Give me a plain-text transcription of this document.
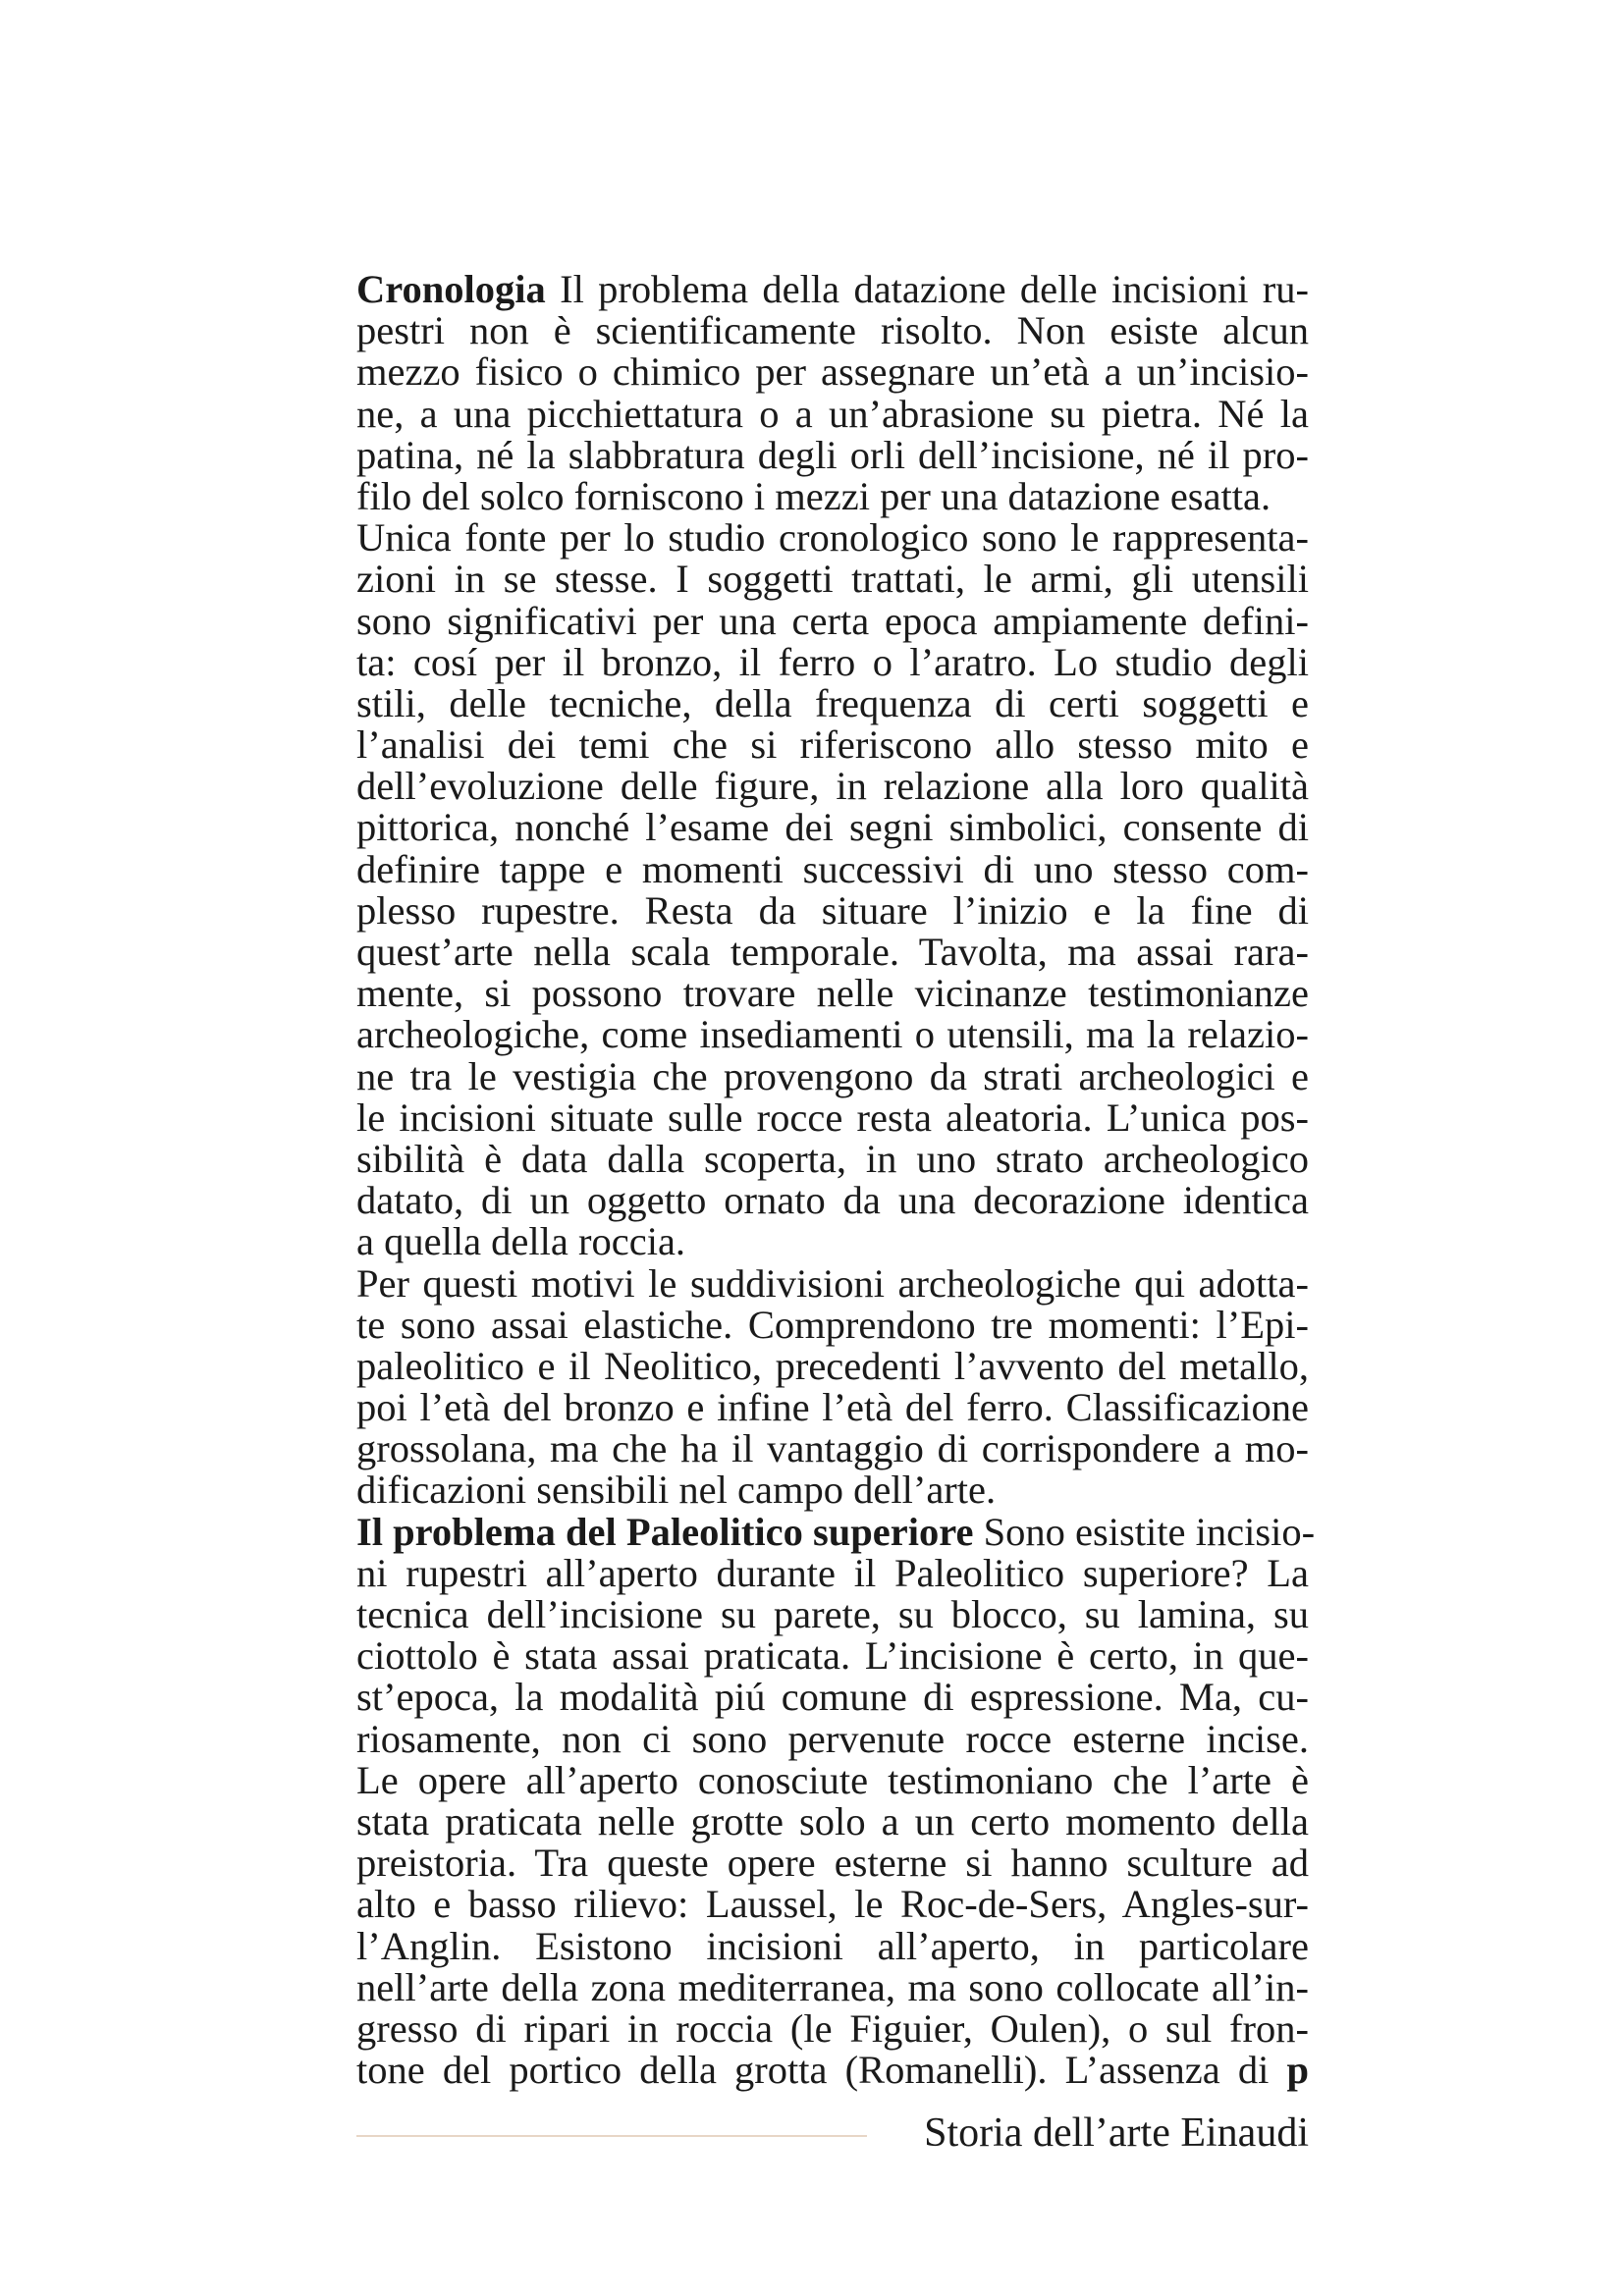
Cronologia Il problema della datazione delle incisioni ru-
pestri non è scientificamente risolto. Non esiste alcun
mezzo fisico o chimico per assegnare un’età a un’incisio-
ne, a una picchiettatura o a un’abrasione su pietra. Né la
patina, né la slabbratura degli orli dell’incisione, né il pro-
filo del solco forniscono i mezzi per una datazione esatta.
Unica fonte per lo studio cronologico sono le rappresenta-
zioni in se stesse. I soggetti trattati, le armi, gli utensili
sono significativi per una certa epoca ampiamente defini-
ta: cosí per il bronzo, il ferro o l’aratro. Lo studio degli
stili, delle tecniche, della frequenza di certi soggetti e
l’analisi dei temi che si riferiscono allo stesso mito e
dell’evoluzione delle figure, in relazione alla loro qualità
pittorica, nonché l’esame dei segni simbolici, consente di
definire tappe e momenti successivi di uno stesso com-
plesso rupestre. Resta da situare l’inizio e la fine di
quest’arte nella scala temporale. Tavolta, ma assai rara-
mente, si possono trovare nelle vicinanze testimonianze
archeologiche, come insediamenti o utensili, ma la relazio-
ne tra le vestigia che provengono da strati archeologici e
le incisioni situate sulle rocce resta aleatoria. L’unica pos-
sibilità è data dalla scoperta, in uno strato archeologico
datato, di un oggetto ornato da una decorazione identica
a quella della roccia.
Per questi motivi le suddivisioni archeologiche qui adotta-
te sono assai elastiche. Comprendono tre momenti: l’Epi-
paleolitico e il Neolitico, precedenti l’avvento del metallo,
poi l’età del bronzo e infine l’età del ferro. Classificazione
grossolana, ma che ha il vantaggio di corrispondere a mo-
dificazioni sensibili nel campo dell’arte.
Il problema del Paleolitico superiore Sono esistite incisio-
ni rupestri all’aperto durante il Paleolitico superiore? La
tecnica dell’incisione su parete, su blocco, su lamina, su
ciottolo è stata assai praticata. L’incisione è certo, in que-
st’epoca, la modalità piú comune di espressione. Ma, cu-
riosamente, non ci sono pervenute rocce esterne incise.
Le opere all’aperto conosciute testimoniano che l’arte è
stata praticata nelle grotte solo a un certo momento della
preistoria. Tra queste opere esterne si hanno sculture ad
alto e basso rilievo: Laussel, le Roc-de-Sers, Angles-sur-
l’Anglin. Esistono incisioni all’aperto, in particolare
nell’arte della zona mediterranea, ma sono collocate all’in-
gresso di ripari in roccia (le Figuier, Oulen), o sul fron-
tone del portico della grotta (Romanelli). L’assenza di p
Storia dell’arte Einaudi
